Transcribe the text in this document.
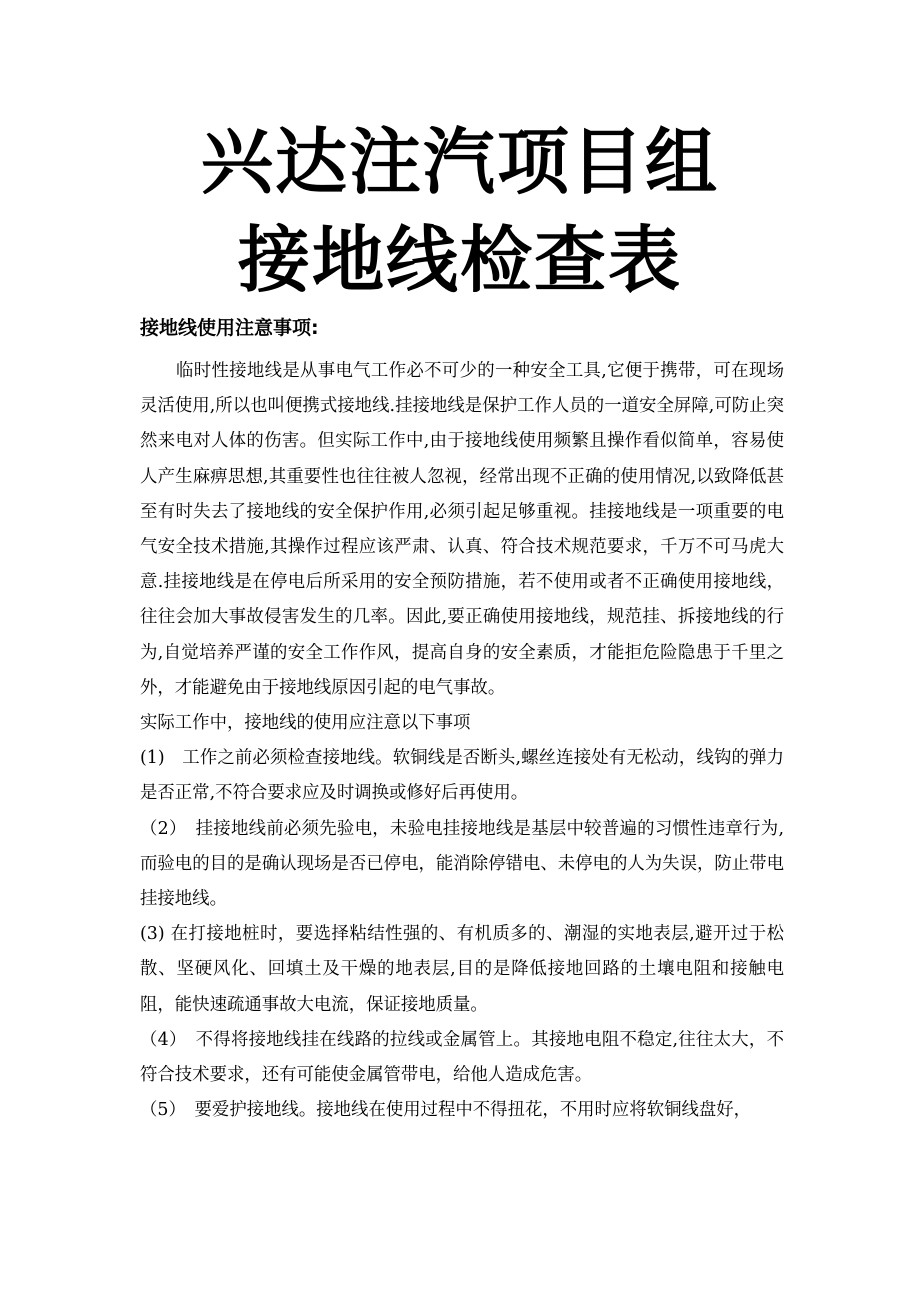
兴达注汽项目组
接地线检查表
接地线使用注意事项:

临时性接地线是从事电气工作必不可少的一种安全工具,它便于携带，可在现场灵活使用,所以也叫便携式接地线.挂接地线是保护工作人员的一道安全屏障,可防止突然来电对人体的伤害。但实际工作中,由于接地线使用频繁且操作看似简单，容易使人产生麻痹思想,其重要性也往往被人忽视，经常出现不正确的使用情况,以致降低甚至有时失去了接地线的安全保护作用,必须引起足够重视。挂接地线是一项重要的电气安全技术措施,其操作过程应该严肃、认真、符合技术规范要求，千万不可马虎大意.挂接地线是在停电后所采用的安全预防措施，若不使用或者不正确使用接地线，往往会加大事故侵害发生的几率。因此,要正确使用接地线，规范挂、拆接地线的行为,自觉培养严谨的安全工作作风，提高自身的安全素质，才能拒危险隐患于千里之外，才能避免由于接地线原因引起的电气事故。

实际工作中，接地线的使用应注意以下事项

(1)　工作之前必须检查接地线。软铜线是否断头,螺丝连接处有无松动，线钩的弹力是否正常,不符合要求应及时调换或修好后再使用。

（2）　挂接地线前必须先验电，未验电挂接地线是基层中较普遍的习惯性违章行为,而验电的目的是确认现场是否已停电，能消除停错电、未停电的人为失误，防止带电挂接地线。

(3) 在打接地桩时，要选择粘结性强的、有机质多的、潮湿的实地表层,避开过于松散、坚硬风化、回填土及干燥的地表层,目的是降低接地回路的土壤电阻和接触电阻，能快速疏通事故大电流，保证接地质量。

（4）　不得将接地线挂在线路的拉线或金属管上。其接地电阻不稳定,往往太大，不符合技术要求，还有可能使金属管带电，给他人造成危害。

（5）　要爱护接地线。接地线在使用过程中不得扭花，不用时应将软铜线盘好，
